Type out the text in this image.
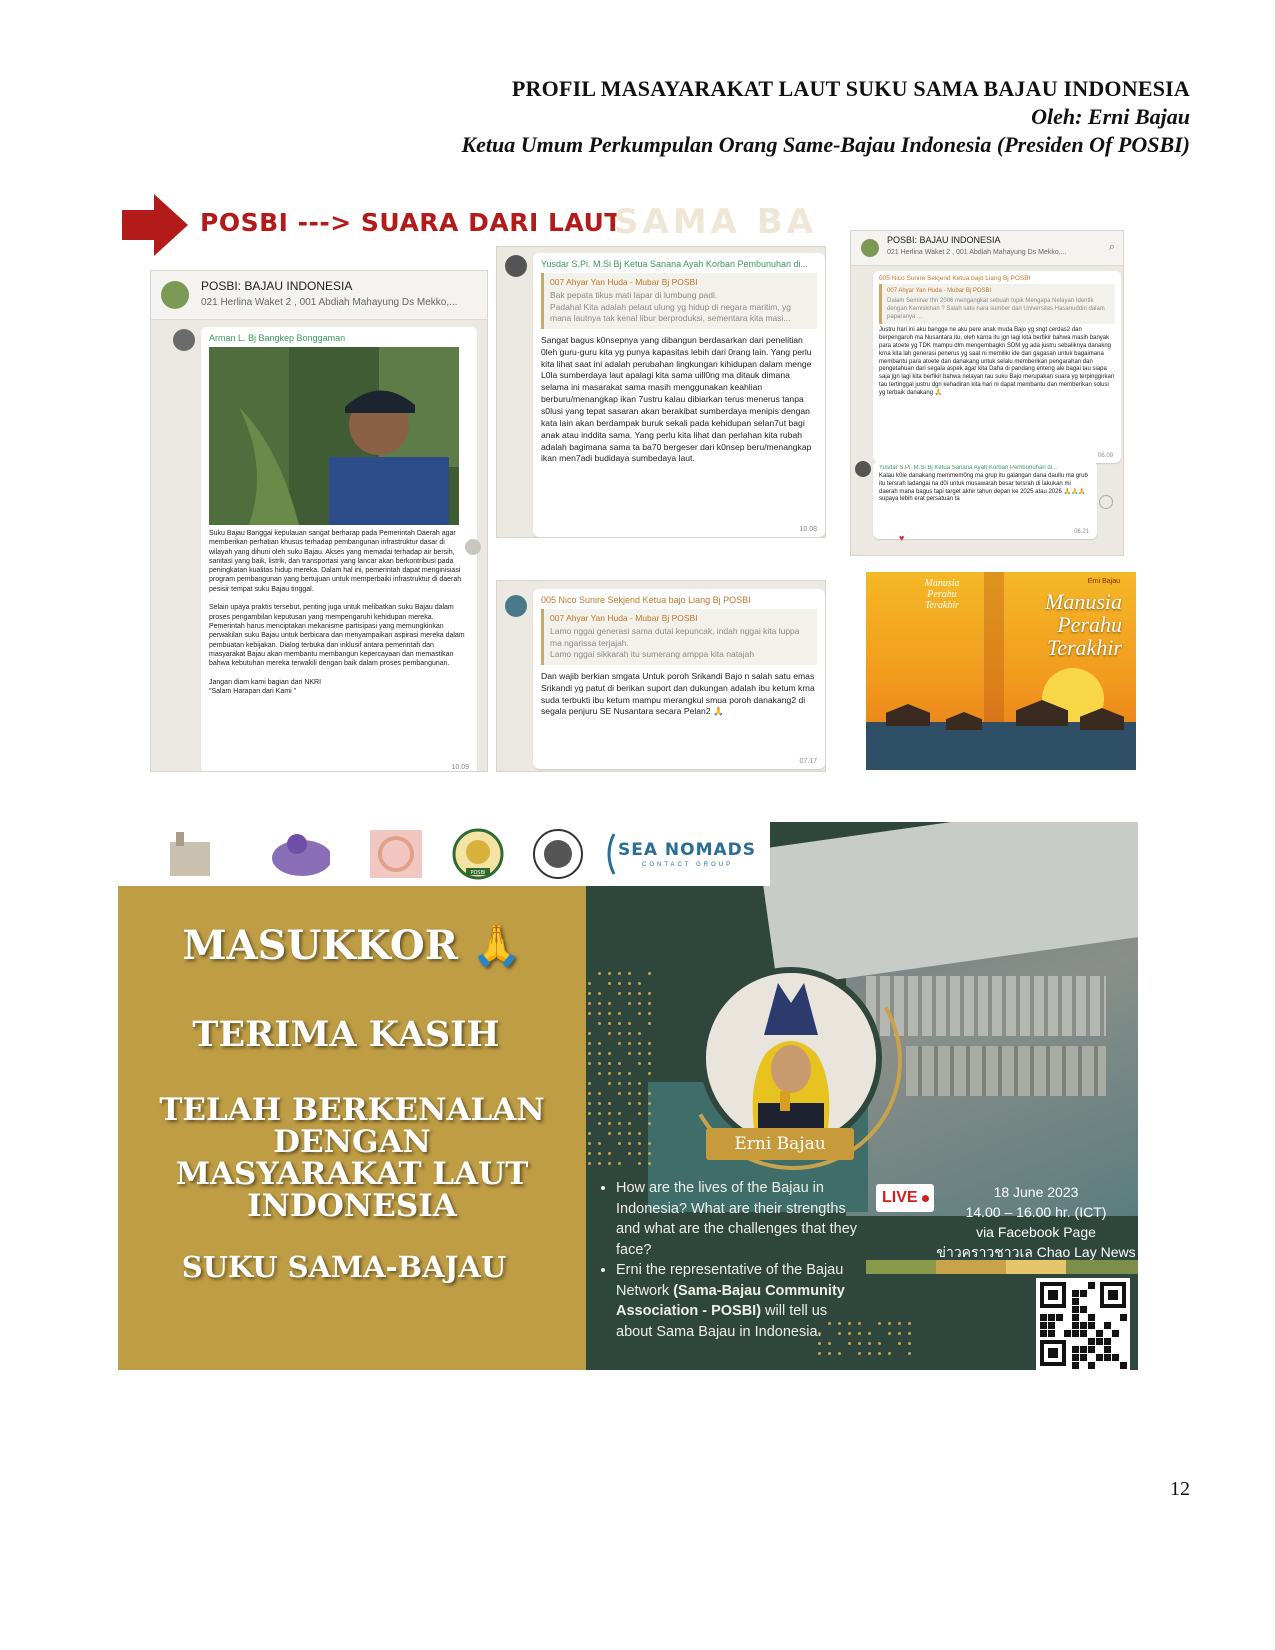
PROFIL MASAYARAKAT LAUT SUKU SAMA BAJAU INDONESIA
Oleh: Erni Bajau
Ketua Umum Perkumpulan Orang Same-Bajau Indonesia (Presiden Of POSBI)
POSBI ---> SUARA DARI LAUT
SAMA BA
POSBI: BAJAU INDONESIA
021 Herlina Waket 2 , 001 Abdiah Mahayung Ds Mekko,...
Arman L. Bj Bangkep Bonggaman
Suku Bajau Banggai kepulauan sangat berharap pada Pemerintah Daerah agar memberikan perhatian khusus terhadap pembangunan infrastruktur dasar di wilayah yang dihuni oleh suku Bajau. Akses yang memadai terhadap air bersih, sanitasi yang baik, listrik, dan transportasi yang lancar akan berkontribusi pada peningkatan kualitas hidup mereka. Dalam hal ini, pemerintah dapat menginisiasi program pembangunan yang bertujuan untuk memperbaiki infrastruktur di daerah pesisir tempat suku Bajau tinggal.

Selain upaya praktis tersebut, penting juga untuk melibatkan suku Bajau dalam proses pengambilan keputusan yang mempengaruhi kehidupan mereka. Pemerintah harus menciptakan mekanisme partisipasi yang memungkinkan perwakilan suku Bajau untuk berbicara dan menyampaikan aspirasi mereka dalam pembuatan kebijakan. Dialog terbuka dan inklusif antara pemerintah dan masyarakat Bajau akan membantu membangun kepercayaan dan memastikan bahwa kebutuhan mereka terwakili dengan baik dalam proses pembangunan.

Jangan diam kami bagian dari NKRI
"Salam Harapan dari Kami "
10.09
Yusdar S.Pi. M.Si Bj Ketua Sanana Ayah Korban Pembunuhan di...
007 Ahyar Yan Huda - Mubar Bj POSBI
Bak pepata tikus mati lapar di lumbung padi.
Padahal Kita adalah pelaut ulung yg hidup di negara maritim, yg mana lautnya tak kenal libur berproduksi, sementara kita masi...
Sangat bagus k0nsepnya yang dibangun berdasarkan dari penelitian 0leh guru-guru kita yg punya kapasitas lebih dari 0rang lain. Yang perlu kita lihat saat ini adalah perubahan lingkungan kihidupan dalam menge
L0la sumberdaya laut apalagi kita sama uill0ng ma ditauk dimana selama ini masarakat sama masih menggunakan keahlian berburu/menangkap ikan 7ustru kalau dibiarkan terus menerus tanpa s0lusi yang tepat sasaran akan berakibat sumberdaya menipis dengan kata lain akan berdampak buruk sekali pada kehidupan selan7ut bagi anak atau inddita sama. Yang perlu kita lihat dan perlahan kita rubah adalah bagimana sama ta ba70 bergeser dari k0nsep beru/menangkap ikan men7adi budidaya sumbedaya laut.
10.08
005 Nico Sunire Sekjend Ketua bajo Liang Bj POSBI
007 Ahyar Yan Huda - Mubar Bj POSBI
Lamo nggai generasi sama dutai kepuncak, indah nggai kita luppa ma ngarissa terjajah.
Lamo nggai sikkarah itu sumerang amppa kita natajah
Dan wajib berkian smgata Untuk poroh Srikandi Bajo n salah satu emas Srikandi yg patut di berikan suport dan dukungan adalah ibu ketum krna suda terbukti ibu ketum mampu merangkul smua poroh danakang2 di segala penjuru SE Nusantara secara Pelan2 🙏
07.17
POSBI: BAJAU INDONESIA
021 Herlina Waket 2 , 001 Abdiah Mahayung Ds Mekko,...	⌕
005 Nico Sunire Sekjend Ketua bajo Liang Bj POSBI
007 Ahyar Yan Huda - Mubar Bj POSBI
Dalam Seminar thn 2006 mengangkat sebuah topik Mengapa Nelayan Identik dengan Kemiskinan ? Salah satu nara sumber dari Universitas Hasanuddin dalam paparanya ...
Justru hari ini aku bangge ne aku pere anak muda Bajo yg sngt cerdas2 dan berpengaruh ma Nusantara itu, oleh karna itu jgn lagi kita berfikir bahwa masih banyak para atoete yg TDK mampu dlm mengembagkn SDM yg ada justru sebaliknya danakng krna kita lah generasi penerus yg saat ni memiliki ide dan gagasan untuk bagaimana membantu para atoete dan danakang untuk selalu memberikan pengarahan dan pengetahuan dari segala aspek agar kita Daha di pandang enteng ale bagai tau siapa saja jgn lagi kita berfikir bahwa nelayan tau suku Bajo merupakan suara yg terpinggirkan tau tertinggal justru dgn kehadiran kita hari ni dapat membantu dan memberikan solusi yg terbaik danakang 🙏
06.09
Yusdar S.Pi. M.Si Bj Ketua Sanana Ayah Korban Pembunuhan di...
Kalau k0le danakang memmem0ng ma grup itu galangan dana daullu ma grub itu tersrah ladangai na d0i untuk musawarah besar tersrah di lakukan mi daerah mana bagus tapi target akhir tahun depan ke 2025 atau 2026 🙏🙏🙏 supaya lebih erat persatuan ta
06.21
♥
Manusia Perahu Terakhir
Erni Bajau
Manusia Perahu Terakhir
POSBI
SEA NOMADS
CONTACT GROUP
MASUKKOR 🙏
TERIMA KASIH
TELAH BERKENALAN DENGAN MASYARAKAT LAUT INDONESIA
SUKU SAMA-BAJAU
Erni Bajau
• How are the lives of the Bajau in Indonesia? What are their strengths and what are the challenges that they face?
• Erni the representative of the Bajau Network (Sama-Bajau Community Association - POSBI) will tell us about Sama Bajau in Indonesia.
LIVE	18 June 2023
14.00 – 16.00 hr. (ICT)
via Facebook Page
ข่าวคราวชาวเล Chao Lay News
12
